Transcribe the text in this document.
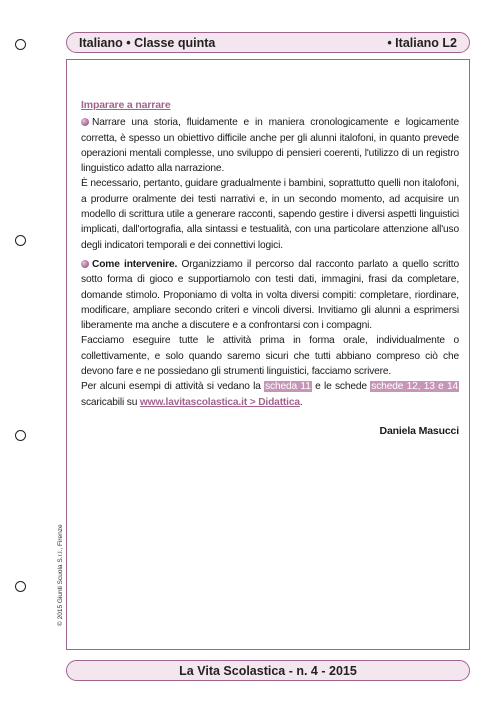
Italiano • Classe quinta	• Italiano L2
Imparare a narrare

Narrare una storia, fluidamente e in maniera cronologicamente e logicamente corretta, è spesso un obiettivo difficile anche per gli alunni italofoni, in quanto prevede operazioni mentali complesse, uno sviluppo di pensieri coerenti, l'utilizzo di un registro linguistico adatto alla narrazione.

È necessario, pertanto, guidare gradualmente i bambini, soprattutto quelli non italofoni, a produrre oralmente dei testi narrativi e, in un secondo momento, ad acquisire un modello di scrittura utile a generare racconti, sapendo gestire i diversi aspetti linguistici implicati, dall'ortografia, alla sintassi e testualità, con una particolare attenzione all'uso degli indicatori temporali e dei connettivi logici.

Come intervenire. Organizziamo il percorso dal racconto parlato a quello scritto sotto forma di gioco e supportiamolo con testi dati, immagini, frasi da completare, domande stimolo. Proponiamo di volta in volta diversi compiti: completare, riordinare, modificare, ampliare secondo criteri e vincoli diversi. Invitiamo gli alunni a esprimersi liberamente ma anche a discutere e a confrontarsi con i compagni.

Facciamo eseguire tutte le attività prima in forma orale, individualmente o collettivamente, e solo quando saremo sicuri che tutti abbiano compreso ciò che devono fare e ne possiedano gli strumenti linguistici, facciamo scrivere.

Per alcuni esempi di attività si vedano la scheda 11 e le schede schede 12, 13 e 14 scaricabili su www.lavitascolastica.it > Didattica.

Daniela Masucci
© 2015 Giunti Scuola S.r.l., Firenze
La Vita Scolastica - n. 4 - 2015
